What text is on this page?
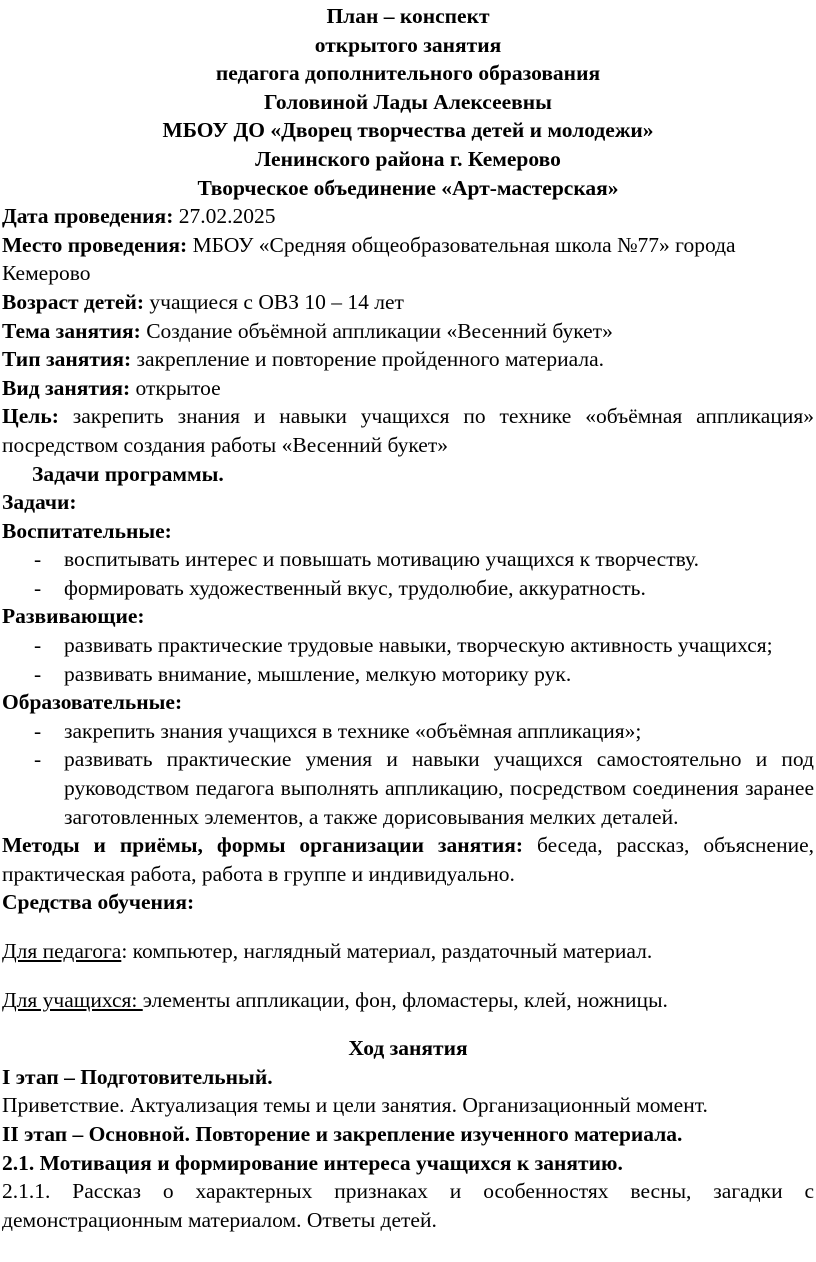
План – конспект
открытого занятия
педагога дополнительного образования
Головиной Лады Алексеевны
МБОУ ДО «Дворец творчества детей и молодежи»
Ленинского района г. Кемерово
Творческое объединение «Арт-мастерская»

Дата проведения: 27.02.2025

Место проведения: МБОУ «Средняя общеобразовательная школа №77» города Кемерово

Возраст детей: учащиеся с ОВЗ 10 – 14 лет

Тема занятия: Создание объёмной аппликации «Весенний букет»

Тип занятия: закрепление и повторение пройденного материала.

Вид занятия: открытое

Цель: закрепить знания и навыки учащихся по технике «объёмная аппликация» посредством создания работы «Весенний букет»

Задачи программы.

Задачи:

Воспитательные:

- воспитывать интерес и повышать мотивацию учащихся к творчеству.
- формировать художественный вкус, трудолюбие, аккуратность.

Развивающие:

- развивать практические трудовые навыки, творческую активность учащихся;
- развивать внимание, мышление, мелкую моторику рук.

Образовательные:

- закрепить знания учащихся в технике «объёмная аппликация»;
- развивать практические умения и навыки учащихся самостоятельно и под руководством педагога выполнять аппликацию, посредством соединения заранее заготовленных элементов, а также дорисовывания мелких деталей.

Методы и приёмы, формы организации занятия: беседа, рассказ, объяснение, практическая работа, работа в группе и индивидуально.

Средства обучения:

Для педагога: компьютер, наглядный материал, раздаточный материал.

Для учащихся: элементы аппликации, фон, фломастеры, клей, ножницы.

Ход занятия

I этап – Подготовительный.

Приветствие. Актуализация темы и цели занятия. Организационный момент.

II этап – Основной. Повторение и закрепление изученного материала.

2.1. Мотивация и формирование интереса учащихся к занятию.

2.1.1. Рассказ о характерных признаках и особенностях весны, загадки с демонстрационным материалом. Ответы детей.
